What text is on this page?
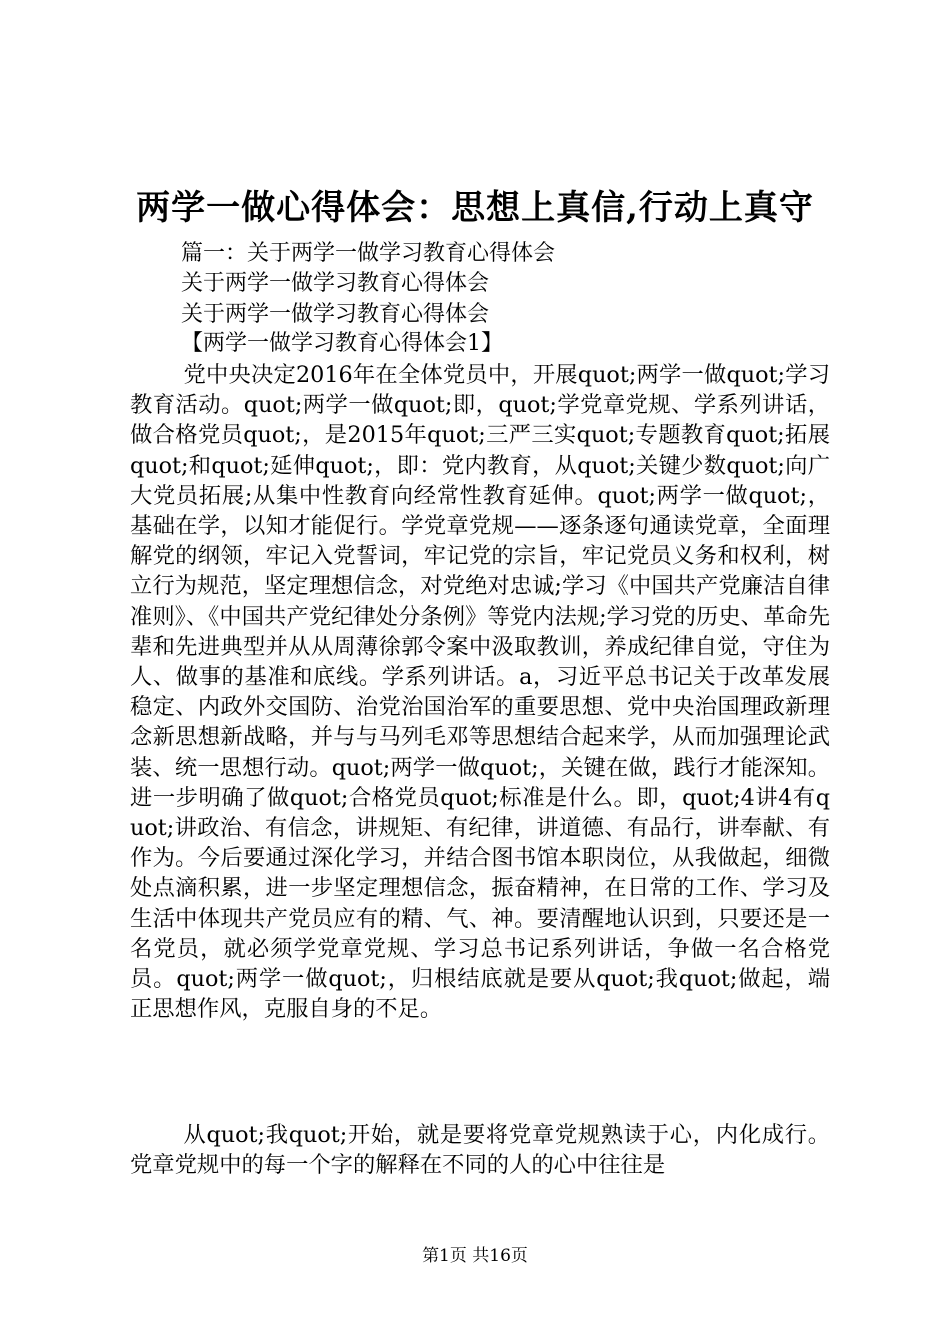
两学一做心得体会：思想上真信,行动上真守

篇一：关于两学一做学习教育心得体会

关于两学一做学习教育心得体会

关于两学一做学习教育心得体会

【两学一做学习教育心得体会1】

党中央决定2016年在全体党员中，开展quot;两学一做quot;学习教育活动。quot;两学一做quot;即，quot;学党章党规、学系列讲话，做合格党员quot;，是2015年quot;三严三实quot;专题教育quot;拓展quot;和quot;延伸quot;，即：党内教育，从quot;关键少数quot;向广大党员拓展;从集中性教育向经常性教育延伸。quot;两学一做quot;，基础在学，以知才能促行。学党章党规——逐条逐句通读党章，全面理解党的纲领，牢记入党誓词，牢记党的宗旨，牢记党员义务和权利，树立行为规范，坚定理想信念，对党绝对忠诚;学习《中国共产党廉洁自律准则》、《中国共产党纪律处分条例》等党内法规;学习党的历史、革命先辈和先进典型并从从周薄徐郭令案中汲取教训，养成纪律自觉，守住为人、做事的基准和底线。学系列讲话。a，习近平总书记关于改革发展稳定、内政外交国防、治党治国治军的重要思想、党中央治国理政新理念新思想新战略，并与与马列毛邓等思想结合起来学，从而加强理论武装、统一思想行动。quot;两学一做quot;，关键在做，践行才能深知。进一步明确了做quot;合格党员quot;标准是什么。即，quot;4讲4有quot;讲政治、有信念，讲规矩、有纪律，讲道德、有品行，讲奉献、有作为。今后要通过深化学习，并结合图书馆本职岗位，从我做起，细微处点滴积累，进一步坚定理想信念，振奋精神，在日常的工作、学习及生活中体现共产党员应有的精、气、神。要清醒地认识到，只要还是一名党员，就必须学党章党规、学习总书记系列讲话，争做一名合格党员。quot;两学一做quot;，归根结底就是要从quot;我quot;做起，端正思想作风，克服自身的不足。

从quot;我quot;开始，就是要将党章党规熟读于心，内化成行。党章党规中的每一个字的解释在不同的人的心中往往是

第1页 共16页
